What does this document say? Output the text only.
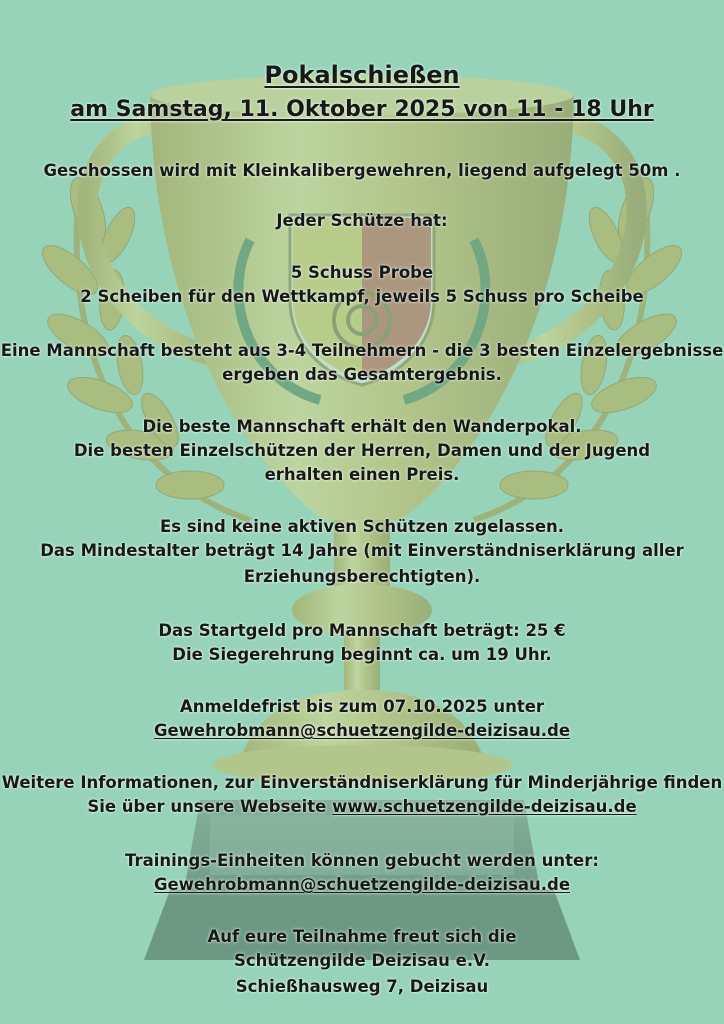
Pokalschießen
am Samstag, 11. Oktober 2025 von 11 - 18 Uhr
Geschossen wird mit Kleinkalibergewehren, liegend aufgelegt 50m .
Jeder Schütze hat:
5 Schuss Probe
2 Scheiben für den Wettkampf, jeweils 5 Schuss pro Scheibe
Eine Mannschaft besteht aus 3-4 Teilnehmern - die 3 besten Einzelergebnisse
ergeben das Gesamtergebnis.
Die beste Mannschaft erhält den Wanderpokal.
Die besten Einzelschützen der Herren, Damen und der Jugend
erhalten einen Preis.
Es sind keine aktiven Schützen zugelassen.
Das Mindestalter beträgt 14 Jahre (mit Einverständniserklärung aller
Erziehungsberechtigten).
Das Startgeld pro Mannschaft beträgt: 25 €
Die Siegerehrung beginnt ca. um 19 Uhr.
Anmeldefrist bis zum 07.10.2025 unter
Gewehrobmann@schuetzengilde-deizisau.de
Weitere Informationen, zur Einverständniserklärung für Minderjährige finden
Sie über unsere Webseite www.schuetzengilde-deizisau.de
Trainings-Einheiten können gebucht werden unter:
Gewehrobmann@schuetzengilde-deizisau.de
Auf eure Teilnahme freut sich die
Schützengilde Deizisau e.V.
Schießhausweg 7, Deizisau
